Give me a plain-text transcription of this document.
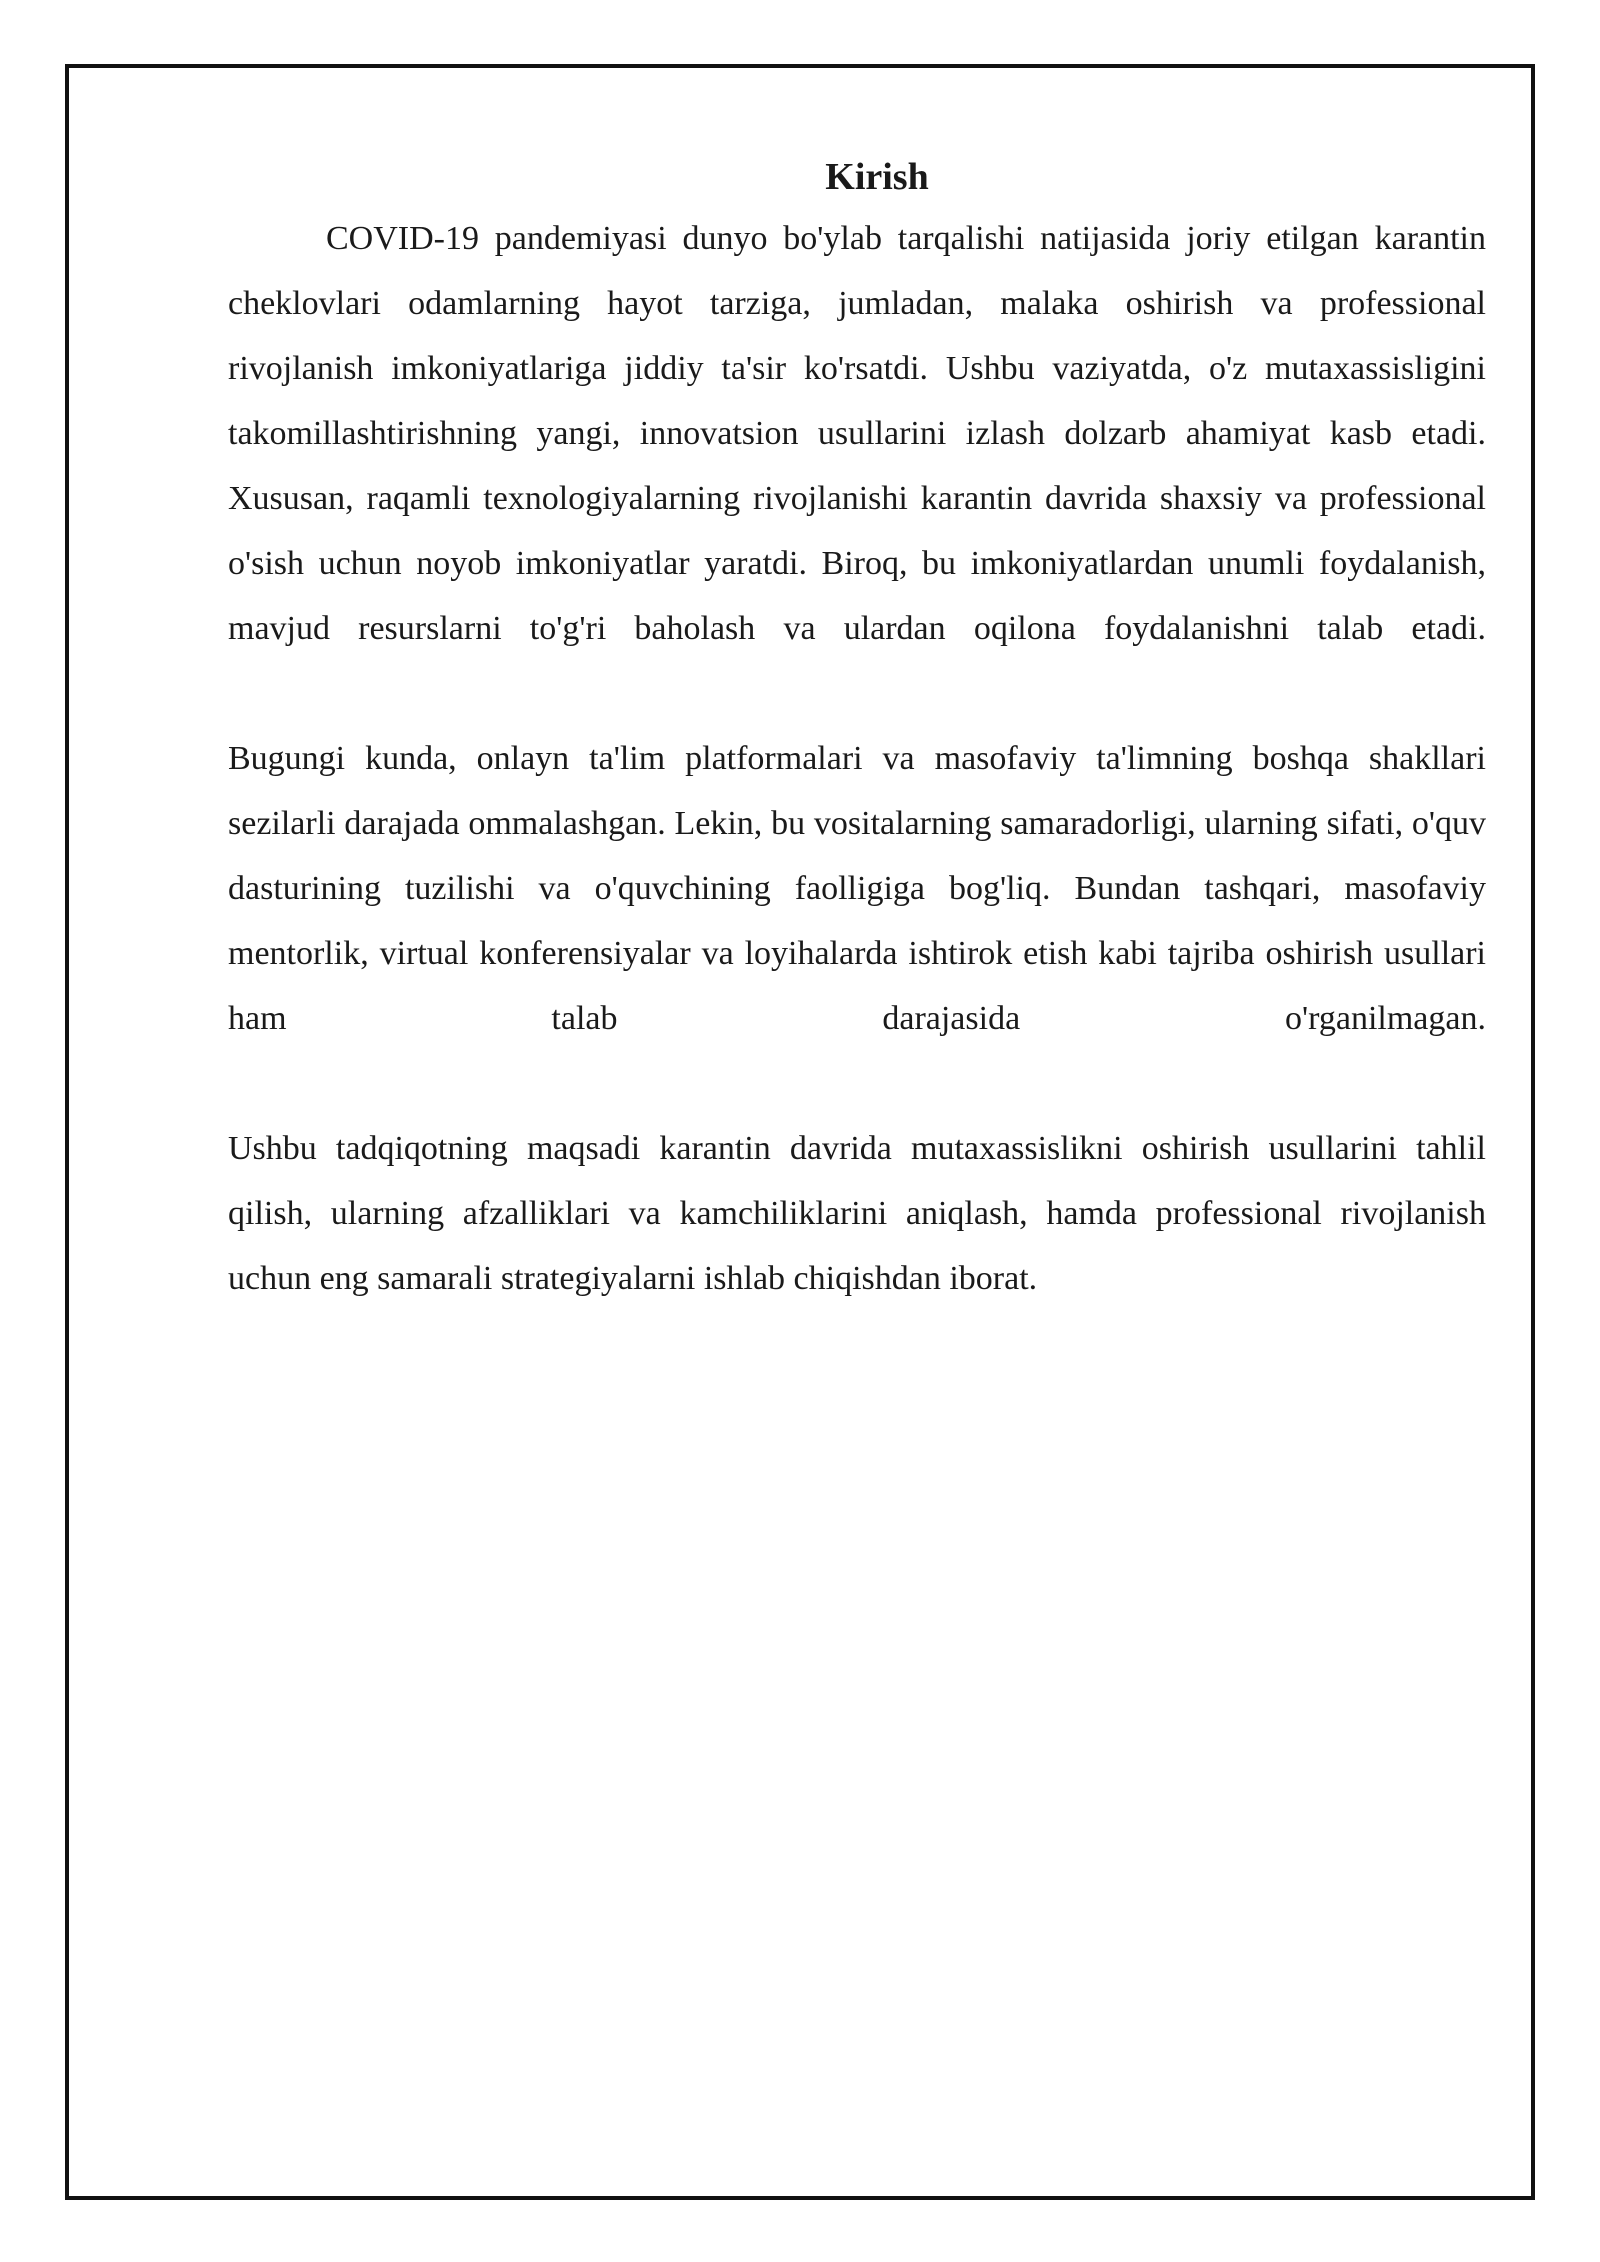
Kirish

COVID-19 pandemiyasi dunyo bo'ylab tarqalishi natijasida joriy etilgan karantin cheklovlari odamlarning hayot tarziga, jumladan, malaka oshirish va professional rivojlanish imkoniyatlariga jiddiy ta'sir ko'rsatdi. Ushbu vaziyatda, o'z mutaxassisligini takomillashtirishning yangi, innovatsion usullarini izlash dolzarb ahamiyat kasb etadi. Xususan, raqamli texnologiyalarning rivojlanishi karantin davrida shaxsiy va professional o'sish uchun noyob imkoniyatlar yaratdi. Biroq, bu imkoniyatlardan unumli foydalanish, mavjud resurslarni to'g'ri baholash va ulardan oqilona foydalanishni talab etadi.

Bugungi kunda, onlayn ta'lim platformalari va masofaviy ta'limning boshqa shakllari sezilarli darajada ommalashgan. Lekin, bu vositalarning samaradorligi, ularning sifati, o'quv dasturining tuzilishi va o'quvchining faolligiga bog'liq. Bundan tashqari, masofaviy mentorlik, virtual konferensiyalar va loyihalarda ishtirok etish kabi tajriba oshirish usullari ham talab darajasida o'rganilmagan.

Ushbu tadqiqotning maqsadi karantin davrida mutaxassislikni oshirish usullarini tahlil qilish, ularning afzalliklari va kamchiliklarini aniqlash, hamda professional rivojlanish uchun eng samarali strategiyalarni ishlab chiqishdan iborat.
